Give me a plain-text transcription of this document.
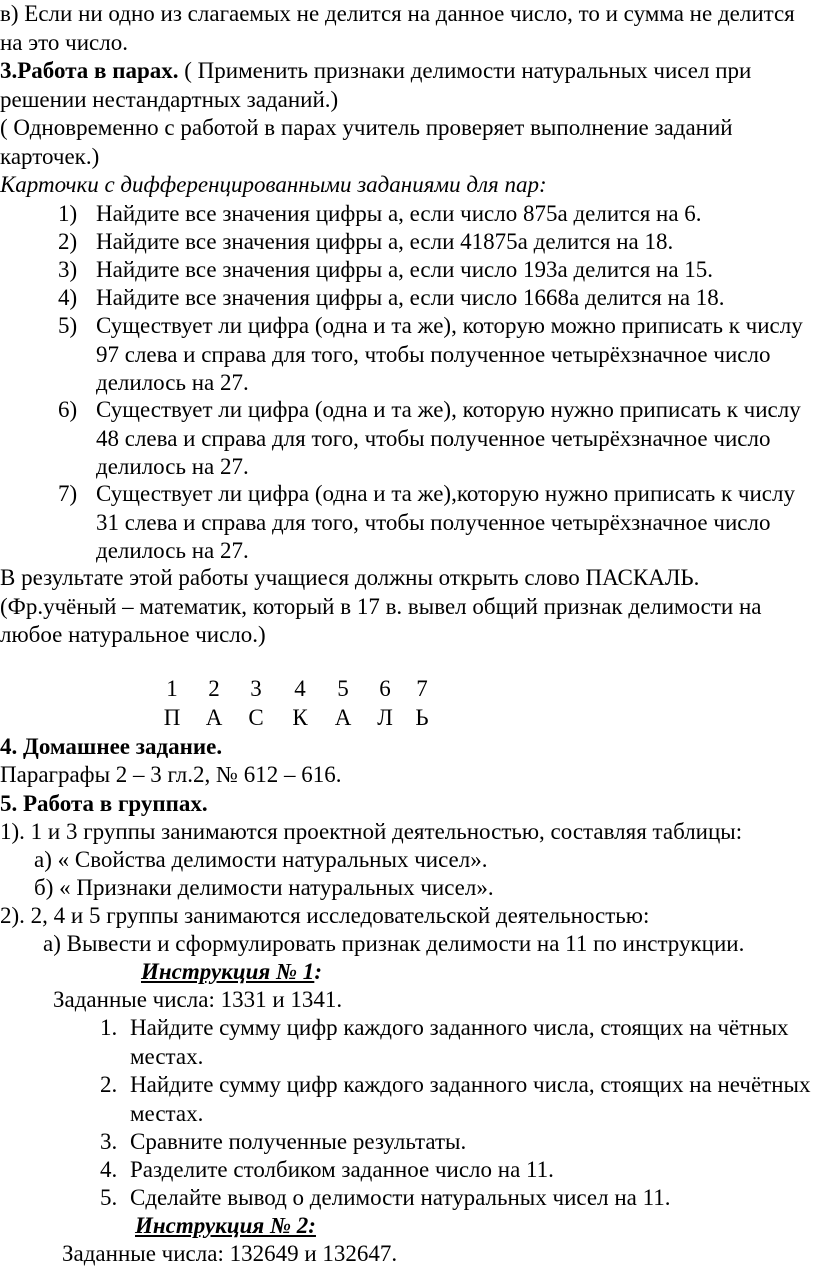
в) Если ни одно из слагаемых не делится на данное число, то и сумма не делится на это число.
3.Работа в парах. ( Применить признаки делимости натуральных чисел при решении нестандартных заданий.)
( Одновременно с работой в парах учитель проверяет выполнение заданий карточек.)
Карточки с дифференцированными заданиями для пар:
1) Найдите все значения цифры а, если число 875а делится на 6.
2) Найдите все значения цифры а, если 41875а делится на 18.
3) Найдите все значения цифры а, если число 193а делится на 15.
4) Найдите все значения цифры а, если число 1668а делится на 18.
5) Существует ли цифра (одна и та же), которую можно приписать к числу 97 слева и справа для того, чтобы полученное четырёхзначное число делилось на 27.
6) Существует ли цифра (одна и та же), которую нужно приписать к числу 48 слева и справа для того, чтобы полученное четырёхзначное число делилось на 27.
7) Существует ли цифра (одна и та же),которую нужно приписать к числу 31 слева и справа для того, чтобы полученное четырёхзначное число делилось на 27.
В результате этой работы учащиеся должны открыть слово ПАСКАЛЬ. (Фр.учёный – математик, который в 17 в. вывел общий признак делимости на любое натуральное число.)
1	2	3	4	5	6	7
П А	С	К	А	Л Ь
4. Домашнее задание.
Параграфы 2 – 3 гл.2, № 612 – 616.
5. Работа в группах.
1). 1 и 3 группы занимаются проектной деятельностью, составляя таблицы:
а) « Свойства делимости натуральных чисел».
б) « Признаки делимости натуральных чисел».
2). 2, 4 и 5 группы занимаются исследовательской деятельностью:
а) Вывести и сформулировать признак делимости на 11 по инструкции.
Инструкция № 1:
Заданные числа: 1331 и 1341.
1. Найдите сумму цифр каждого заданного числа, стоящих на чётных местах.
2. Найдите сумму цифр каждого заданного числа, стоящих на нечётных местах.
3. Сравните полученные результаты.
4. Разделите столбиком заданное число на 11.
5. Сделайте вывод о делимости натуральных чисел на 11.
Инструкция № 2:
Заданные числа: 132649 и 132647.
